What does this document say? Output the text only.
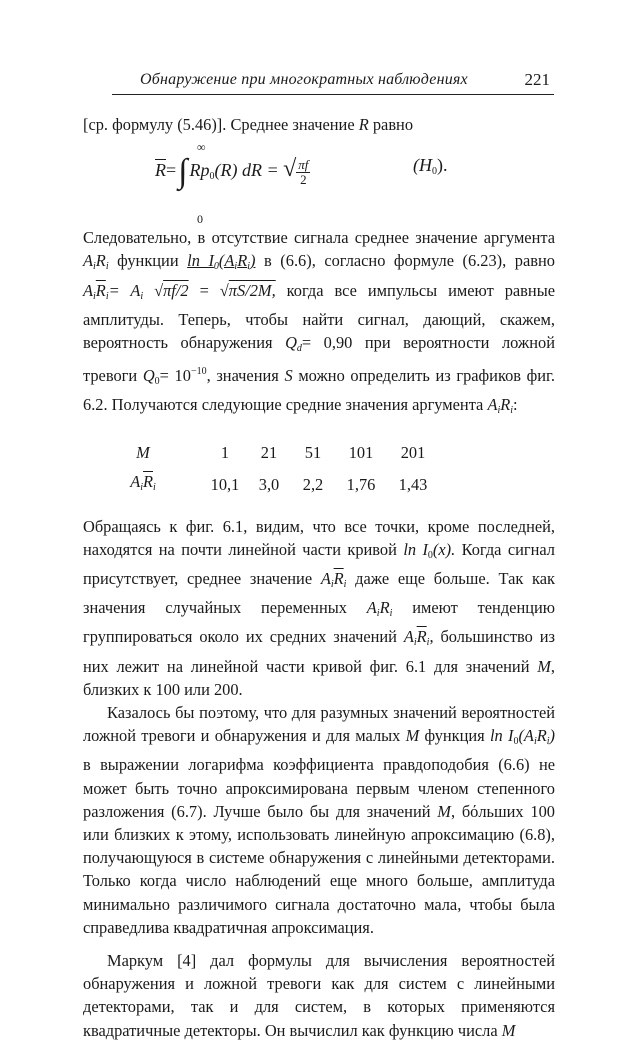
Обнаружение при многократных наблюдениях	221

[ср. формулу (5.46)]. Среднее значение R равно

∞
0
$\overline{R}=\int$ $Rp_0(R)$ dR = √ $\frac{\pi f}{2}$	$(H_0)$.

Следовательно, в отсутствие сигнала среднее значение аргумента $A_iR_i$ функции $\ln I_0(A_iR_i)$ в (6.6), согласно формуле (6.23), равно $A_i\overline{R}_i= A_i$ √πf/2 = √πS/2M, когда все импульсы имеют равные амплитуды. Теперь, чтобы найти сигнал, дающий, скажем, вероятность обнаружения $Q_d= 0,90$ при вероятности ложной тревоги $Q_0= 10^{-10}$, значения S можно определить из графиков фиг. 6.2. Получаются следующие средние значения аргумента $A_iR_i$:

M	1	21	51	101	201
$A_i\overline{R}_i$	10,1	3,0	2,2	1,76	1,43

Обращаясь к фиг. 6.1, видим, что все точки, кроме последней, находятся на почти линейной части кривой $\ln I_0(x)$. Когда сигнал присутствует, среднее значение $A_i\overline{R}_i$ даже еще больше. Так как значения случайных переменных $A_iR_i$ имеют тенденцию группироваться около их средних значений $A_i\overline{R}_i$, большинство из них лежит на линейной части кривой фиг. 6.1 для значений M, близких к 100 или 200.

Казалось бы поэтому, что для разумных значений вероятностей ложной тревоги и обнаружения и для малых M функция $\ln I_0(A_iR_i)$ в выражении логарифма коэффициента правдоподобия (6.6) не может быть точно апроксимирована первым членом степенного разложения (6.7). Лучше было бы для значений M, бόльших 100 или близких к этому, использовать линейную апроксимацию (6.8), получающуюся в системе обнаружения с линейными детекторами. Только когда число наблюдений еще много больше, амплитуда минимально различимого сигнала достаточно мала, чтобы была справедлива квадратичная апроксимация.

Маркум [4] дал формулы для вычисления вероятностей обнаружения и ложной тревоги как для систем с линейными детекторами, так и для систем, в которых применяются квадратичные детекторы. Он вычислил как функцию числа M
